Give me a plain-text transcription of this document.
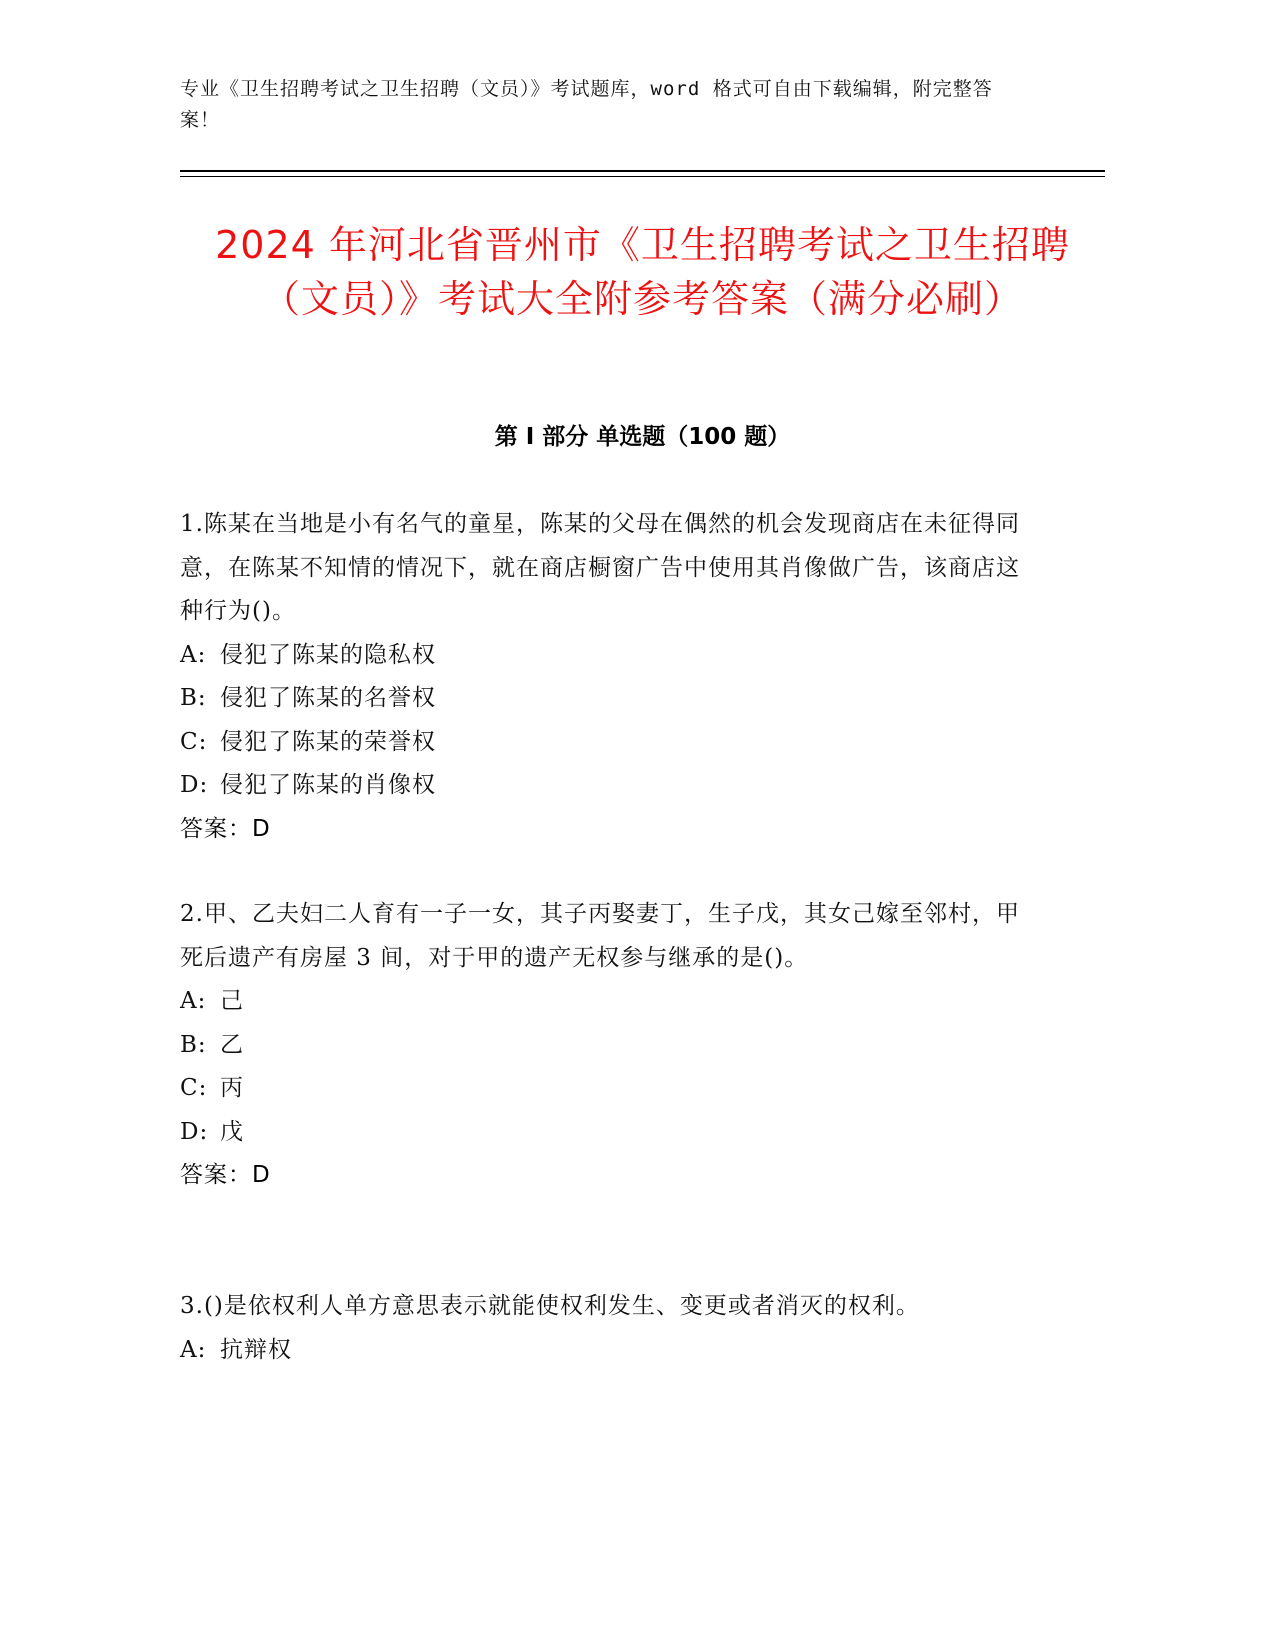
专业《卫生招聘考试之卫生招聘（文员）》考试题库，word 格式可自由下载编辑，附完整答案！
2024 年河北省晋州市《卫生招聘考试之卫生招聘（文员）》考试大全附参考答案（满分必刷）
第 I 部分 单选题（100 题）
1.陈某在当地是小有名气的童星，陈某的父母在偶然的机会发现商店在未征得同意，在陈某不知情的情况下，就在商店橱窗广告中使用其肖像做广告，该商店这种行为()。
A: 侵犯了陈某的隐私权
B: 侵犯了陈某的名誉权
C: 侵犯了陈某的荣誉权
D: 侵犯了陈某的肖像权
答案：D
2.甲、乙夫妇二人育有一子一女，其子丙娶妻丁，生子戊，其女己嫁至邻村，甲死后遗产有房屋 3 间，对于甲的遗产无权参与继承的是()。
A: 己
B: 乙
C: 丙
D: 戊
答案：D
3.()是依权利人单方意思表示就能使权利发生、变更或者消灭的权利。
A: 抗辩权
